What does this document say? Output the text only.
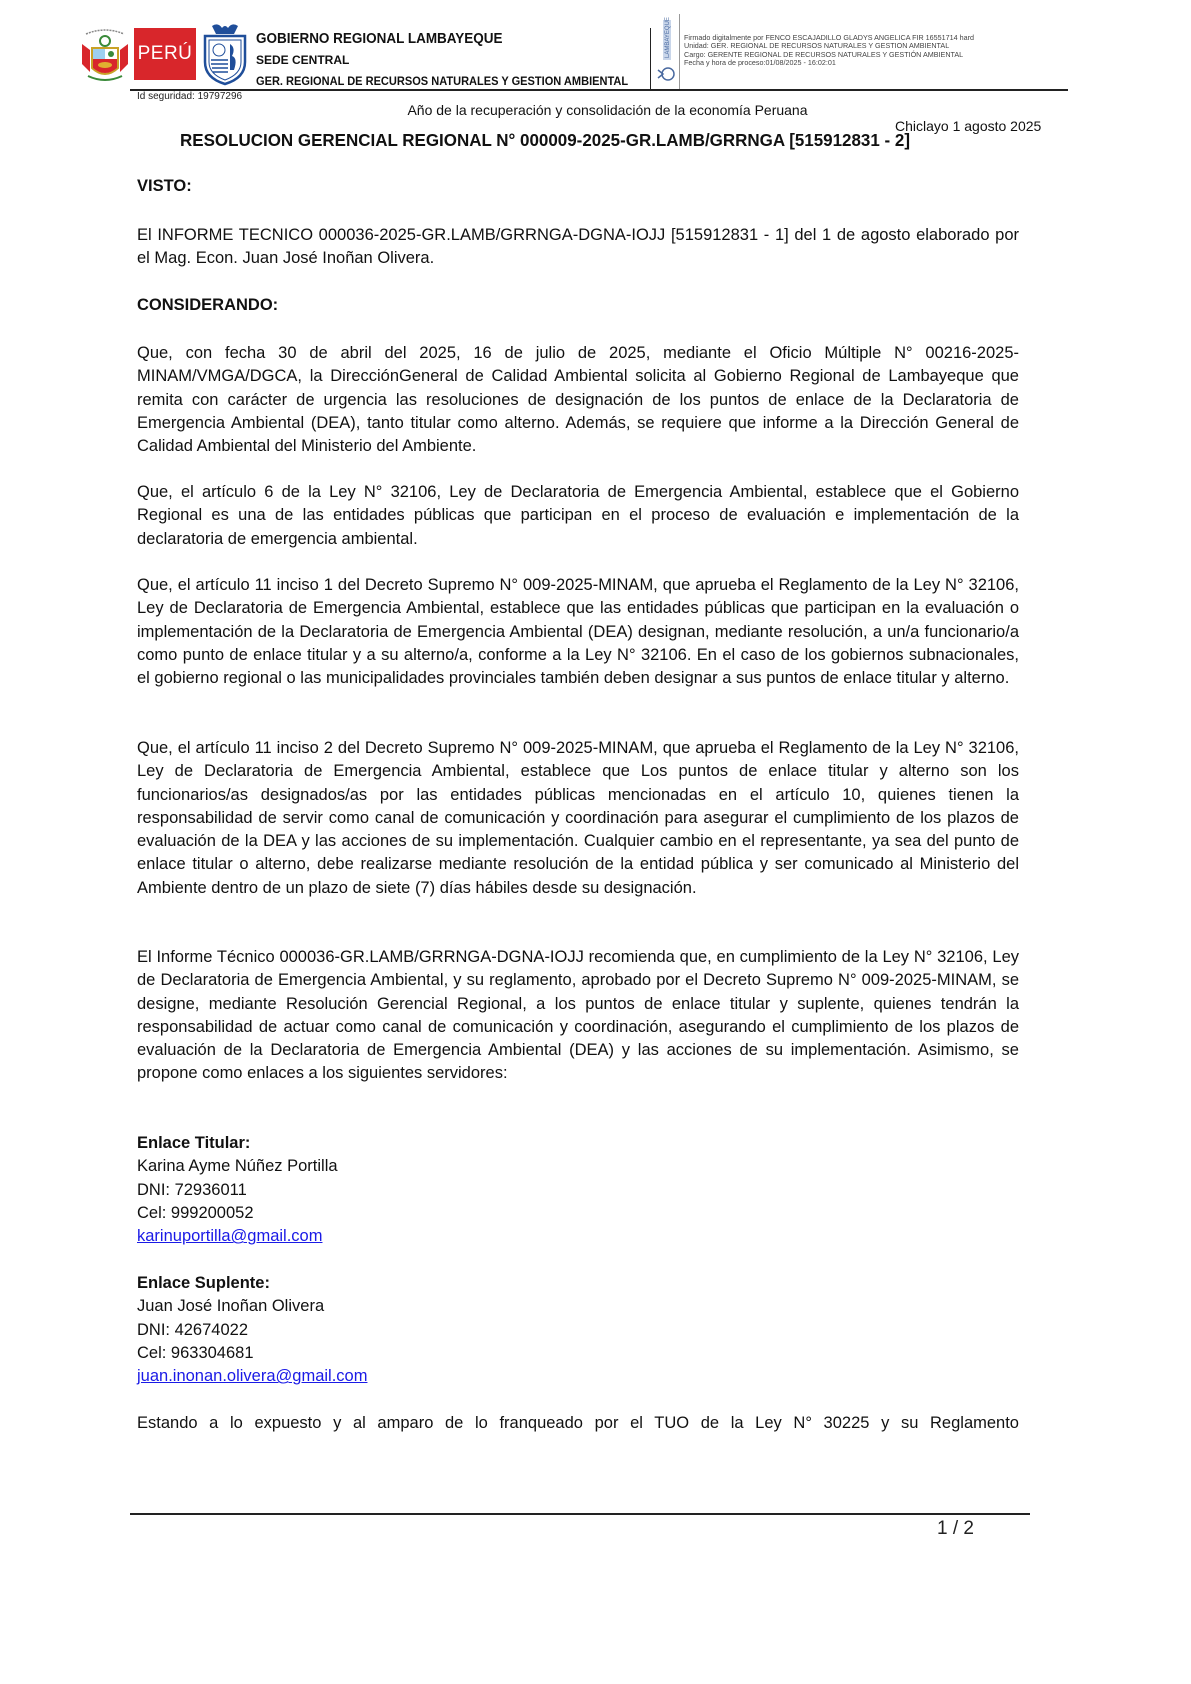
PERÚ
GOBIERNO REGIONAL LAMBAYEQUE
SEDE CENTRAL
GER. REGIONAL DE RECURSOS NATURALES Y GESTION AMBIENTAL
LAMBAYEQUE Firmado digitalmente por FENCO ESCAJADILLO GLADYS ANGELICA FIR 16551714 hard
Unidad: GER. REGIONAL DE RECURSOS NATURALES Y GESTION AMBIENTAL
Cargo: GERENTE REGIONAL DE RECURSOS NATURALES Y GESTIÓN AMBIENTAL
Fecha y hora de proceso:01/08/2025 - 16:02:01
Id seguridad: 19797296
Año de la recuperación y consolidación de la economía Peruana
Chiclayo 1 agosto 2025
RESOLUCION GERENCIAL REGIONAL N° 000009-2025-GR.LAMB/GRRNGA [515912831 - 2]
VISTO:
El INFORME TECNICO 000036-2025-GR.LAMB/GRRNGA-DGNA-IOJJ [515912831 - 1] del 1 de agosto elaborado por el Mag. Econ. Juan José Inoñan Olivera.
CONSIDERANDO:
Que, con fecha 30 de abril del 2025, 16 de julio de 2025, mediante el Oficio Múltiple N° 00216-2025-MINAM/VMGA/DGCA, la DirecciónGeneral de Calidad Ambiental solicita al Gobierno Regional de Lambayeque que remita con carácter de urgencia las resoluciones de designación de los puntos de enlace de la Declaratoria de Emergencia Ambiental (DEA), tanto titular como alterno. Además, se requiere que informe a la Dirección General de Calidad Ambiental del Ministerio del Ambiente.
Que, el artículo 6 de la Ley N° 32106, Ley de Declaratoria de Emergencia Ambiental, establece que el Gobierno Regional es una de las entidades públicas que participan en el proceso de evaluación e implementación de la declaratoria de emergencia ambiental.
Que, el artículo 11 inciso 1 del Decreto Supremo N° 009-2025-MINAM, que aprueba el Reglamento de la Ley N° 32106, Ley de Declaratoria de Emergencia Ambiental, establece que las entidades públicas que participan en la evaluación o implementación de la Declaratoria de Emergencia Ambiental (DEA) designan, mediante resolución, a un/a funcionario/a como punto de enlace titular y a su alterno/a, conforme a la Ley N° 32106. En el caso de los gobiernos subnacionales, el gobierno regional o las municipalidades provinciales también deben designar a sus puntos de enlace titular y alterno.
Que, el artículo 11 inciso 2 del Decreto Supremo N° 009-2025-MINAM, que aprueba el Reglamento de la Ley N° 32106, Ley de Declaratoria de Emergencia Ambiental, establece que Los puntos de enlace titular y alterno son los funcionarios/as designados/as por las entidades públicas mencionadas en el artículo 10, quienes tienen la responsabilidad de servir como canal de comunicación y coordinación para asegurar el cumplimiento de los plazos de evaluación de la DEA y las acciones de su implementación. Cualquier cambio en el representante, ya sea del punto de enlace titular o alterno, debe realizarse mediante resolución de la entidad pública y ser comunicado al Ministerio del Ambiente dentro de un plazo de siete (7) días hábiles desde su designación.
El Informe Técnico 000036-GR.LAMB/GRRNGA-DGNA-IOJJ recomienda que, en cumplimiento de la Ley N° 32106, Ley de Declaratoria de Emergencia Ambiental, y su reglamento, aprobado por el Decreto Supremo N° 009-2025-MINAM, se designe, mediante Resolución Gerencial Regional, a los puntos de enlace titular y suplente, quienes tendrán la responsabilidad de actuar como canal de comunicación y coordinación, asegurando el cumplimiento de los plazos de evaluación de la Declaratoria de Emergencia Ambiental (DEA) y las acciones de su implementación. Asimismo, se propone como enlaces a los siguientes servidores:
Enlace Titular:
Karina Ayme Núñez Portilla
DNI: 72936011
Cel: 999200052
karinuportilla@gmail.com
Enlace Suplente:
Juan José Inoñan Olivera
DNI: 42674022
Cel: 963304681
juan.inonan.olivera@gmail.com
Estando a lo expuesto y al amparo de lo franqueado por el TUO de la Ley N° 30225 y su Reglamento
1 / 2
